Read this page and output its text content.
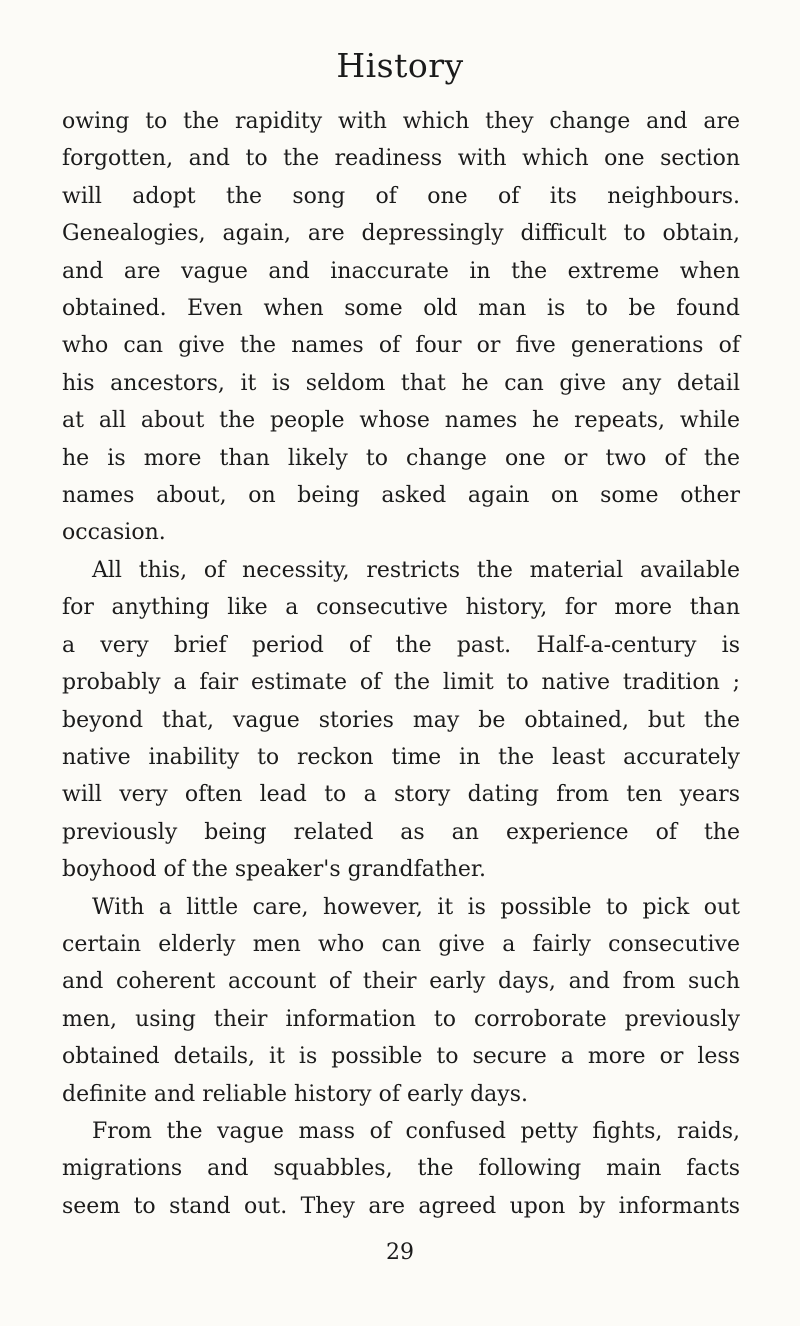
History
owing to the rapidity with which they change and are
forgotten, and to the readiness with which one section
will adopt the song of one of its neighbours.
Genealogies, again, are depressingly difficult to obtain,
and are vague and inaccurate in the extreme when
obtained. Even when some old man is to be found
who can give the names of four or five generations of
his ancestors, it is seldom that he can give any detail
at all about the people whose names he repeats, while
he is more than likely to change one or two of the
names about, on being asked again on some other
occasion.
All this, of necessity, restricts the material available
for anything like a consecutive history, for more than
a very brief period of the past. Half-a-century is
probably a fair estimate of the limit to native tradition ;
beyond that, vague stories may be obtained, but the
native inability to reckon time in the least accurately
will very often lead to a story dating from ten years
previously being related as an experience of the
boyhood of the speaker's grandfather.
With a little care, however, it is possible to pick out
certain elderly men who can give a fairly consecutive
and coherent account of their early days, and from such
men, using their information to corroborate previously
obtained details, it is possible to secure a more or less
definite and reliable history of early days.
From the vague mass of confused petty fights, raids,
migrations and squabbles, the following main facts
seem to stand out. They are agreed upon by informants
29
